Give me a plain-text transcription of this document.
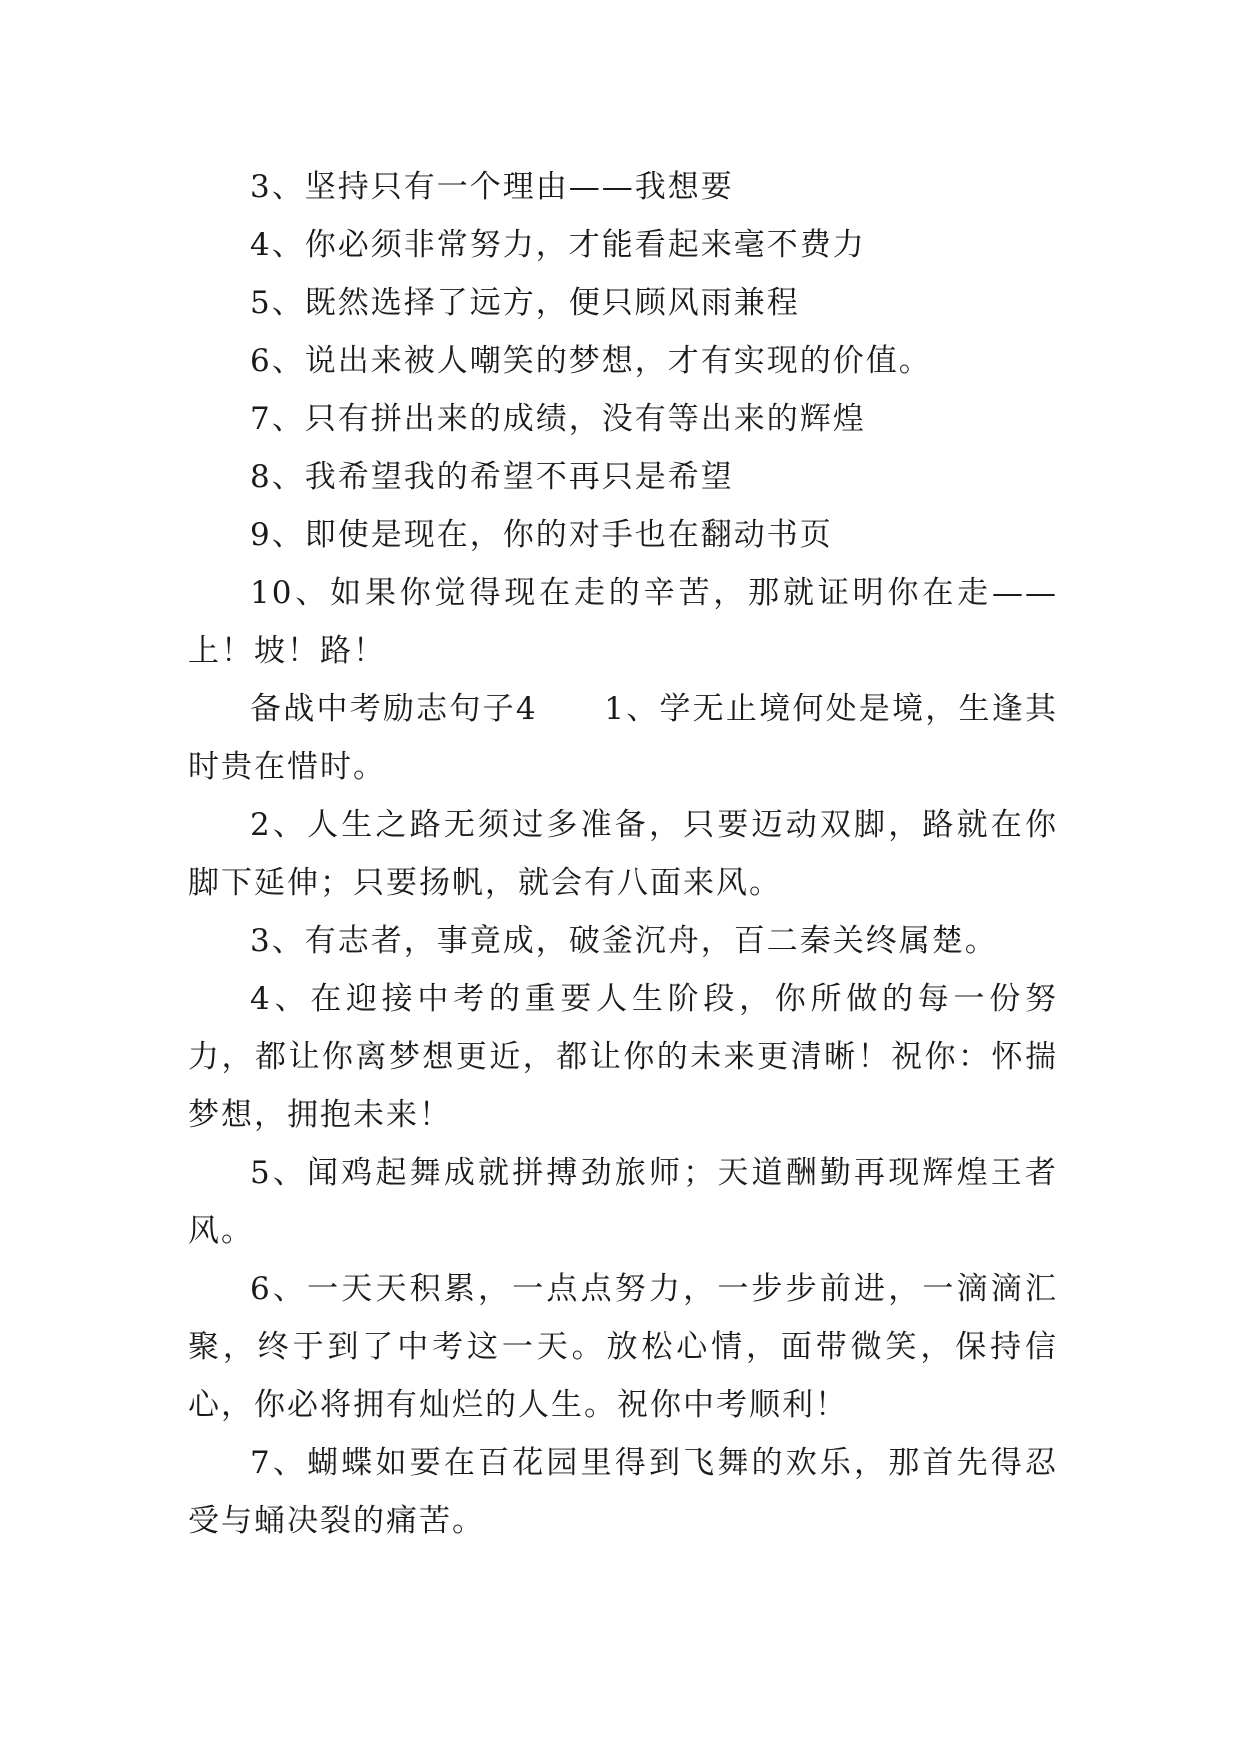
3、坚持只有一个理由——我想要

4、你必须非常努力，才能看起来毫不费力

5、既然选择了远方，便只顾风雨兼程

6、说出来被人嘲笑的梦想，才有实现的价值。

7、只有拼出来的成绩，没有等出来的辉煌

8、我希望我的希望不再只是希望

9、即使是现在，你的对手也在翻动书页

10、如果你觉得现在走的辛苦，那就证明你在走——上！坡！路！

备战中考励志句子4　　1、学无止境何处是境，生逢其时贵在惜时。

2、人生之路无须过多准备，只要迈动双脚，路就在你脚下延伸；只要扬帆，就会有八面来风。

3、有志者，事竟成，破釜沉舟，百二秦关终属楚。

4、在迎接中考的重要人生阶段，你所做的每一份努力，都让你离梦想更近，都让你的未来更清晰！祝你：怀揣梦想，拥抱未来！

5、闻鸡起舞成就拼搏劲旅师；天道酬勤再现辉煌王者风。

6、一天天积累，一点点努力，一步步前进，一滴滴汇聚，终于到了中考这一天。放松心情，面带微笑，保持信心，你必将拥有灿烂的人生。祝你中考顺利！

7、蝴蝶如要在百花园里得到飞舞的欢乐，那首先得忍受与蛹决裂的痛苦。
